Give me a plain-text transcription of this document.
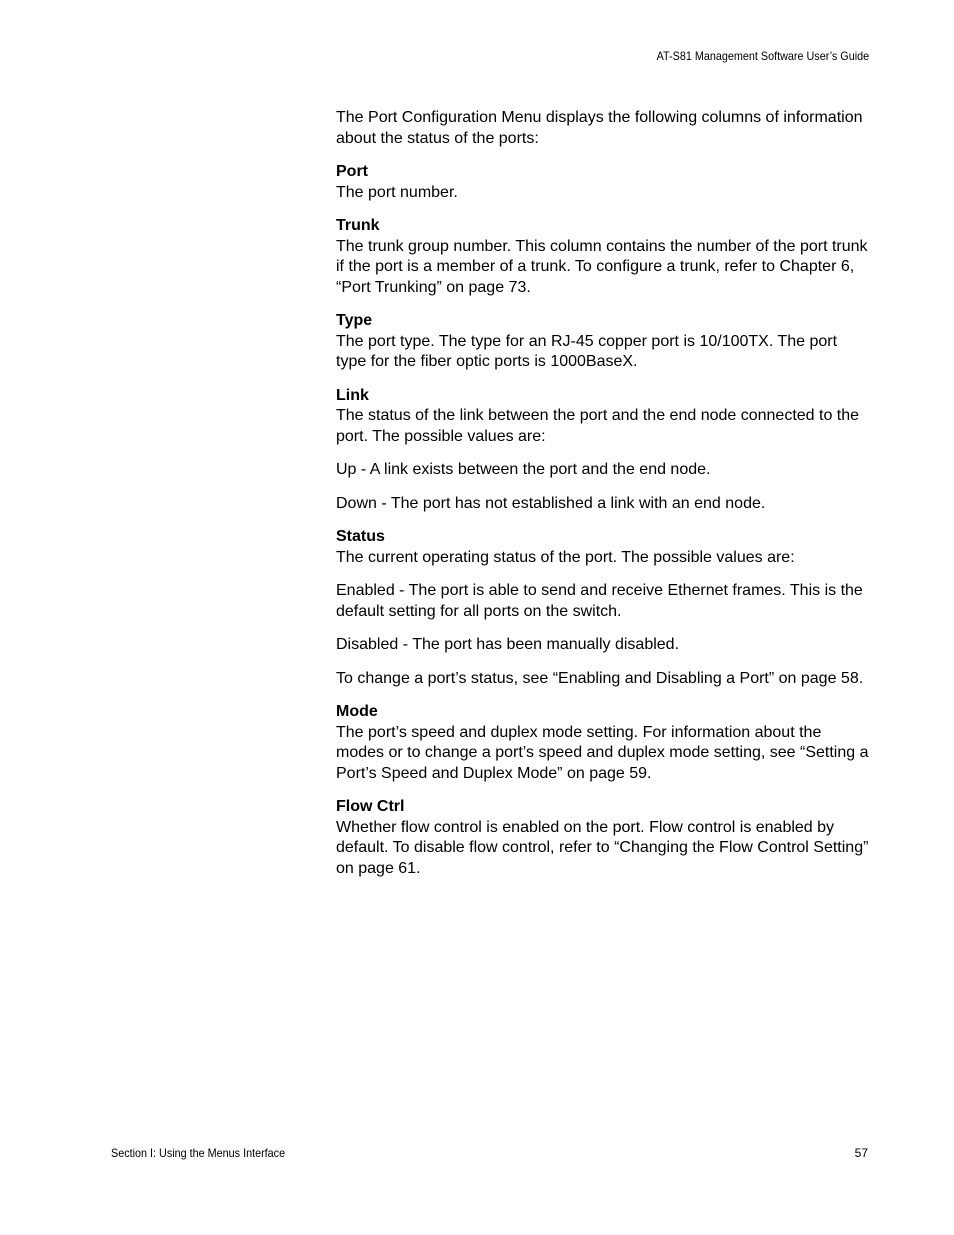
AT-S81 Management Software User’s Guide

The Port Configuration Menu displays the following columns of information about the status of the ports:

Port

The port number.

Trunk

The trunk group number. This column contains the number of the port trunk if the port is a member of a trunk. To configure a trunk, refer to Chapter 6, “Port Trunking” on page 73.

Type

The port type. The type for an RJ-45 copper port is 10/100TX. The port type for the fiber optic ports is 1000BaseX.

Link

The status of the link between the port and the end node connected to the port. The possible values are:

Up - A link exists between the port and the end node.

Down - The port has not established a link with an end node.

Status

The current operating status of the port. The possible values are:

Enabled - The port is able to send and receive Ethernet frames. This is the default setting for all ports on the switch.

Disabled - The port has been manually disabled.

To change a port’s status, see “Enabling and Disabling a Port” on page 58.

Mode

The port’s speed and duplex mode setting. For information about the modes or to change a port’s speed and duplex mode setting, see “Setting a Port’s Speed and Duplex Mode” on page 59.

Flow Ctrl

Whether flow control is enabled on the port. Flow control is enabled by default. To disable flow control, refer to “Changing the Flow Control Setting” on page 61.

Section I: Using the Menus Interface	57
